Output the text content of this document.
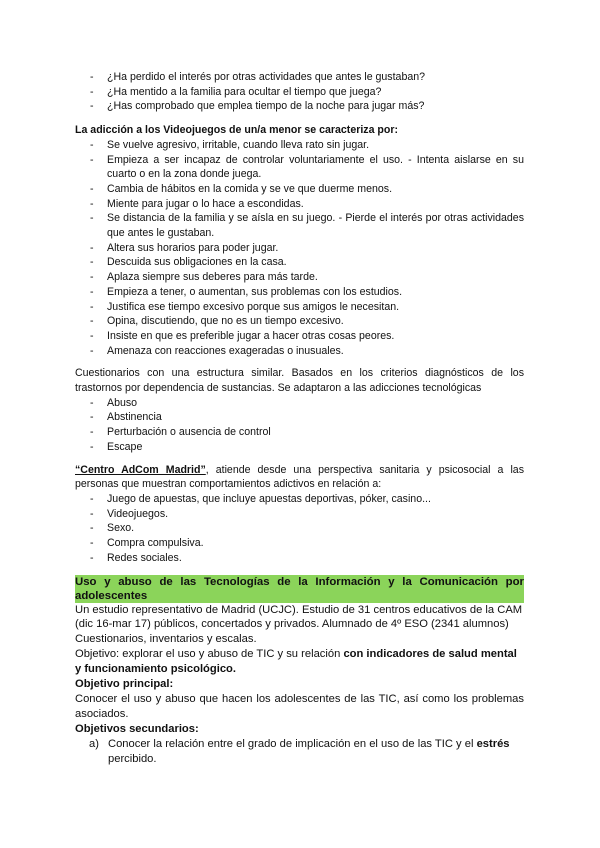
- ¿Ha perdido el interés por otras actividades que antes le gustaban?
- ¿Ha mentido a la familia para ocultar el tiempo que juega?
- ¿Has comprobado que emplea tiempo de la noche para jugar más?
La adicción a los Videojuegos de un/a menor se caracteriza por:
- Se vuelve agresivo, irritable, cuando lleva rato sin jugar.
- Empieza a ser incapaz de controlar voluntariamente el uso. - Intenta aislarse en su cuarto o en la zona donde juega.
- Cambia de hábitos en la comida y se ve que duerme menos.
- Miente para jugar o lo hace a escondidas.
- Se distancia de la familia y se aísla en su juego. - Pierde el interés por otras actividades que antes le gustaban.
- Altera sus horarios para poder jugar.
- Descuida sus obligaciones en la casa.
- Aplaza siempre sus deberes para más tarde.
- Empieza a tener, o aumentan, sus problemas con los estudios.
- Justifica ese tiempo excesivo porque sus amigos le necesitan.
- Opina, discutiendo, que no es un tiempo excesivo.
- Insiste en que es preferible jugar a hacer otras cosas peores.
- Amenaza con reacciones exageradas o inusuales.
Cuestionarios con una estructura similar. Basados en los criterios diagnósticos de los trastornos por dependencia de sustancias. Se adaptaron a las adicciones tecnológicas
- Abuso
- Abstinencia
- Perturbación o ausencia de control
- Escape
“Centro AdCom Madrid”, atiende desde una perspectiva sanitaria y psicosocial a las personas que muestran comportamientos adictivos en relación a:
- Juego de apuestas, que incluye apuestas deportivas, póker, casino...
- Videojuegos.
- Sexo.
- Compra compulsiva.
- Redes sociales.
Uso y abuso de las Tecnologías de la Información y la Comunicación por adolescentes
Un estudio representativo de Madrid (UCJC). Estudio de 31 centros educativos de la CAM (dic 16-mar 17) públicos, concertados y privados. Alumnado de 4º ESO (2341 alumnos)
Cuestionarios, inventarios y escalas.
Objetivo: explorar el uso y abuso de TIC y su relación con indicadores de salud mental y funcionamiento psicológico.
Objetivo principal:
Conocer el uso y abuso que hacen los adolescentes de las TIC, así como los problemas asociados.
Objetivos secundarios:
a) Conocer la relación entre el grado de implicación en el uso de las TIC y el estrés percibido.
